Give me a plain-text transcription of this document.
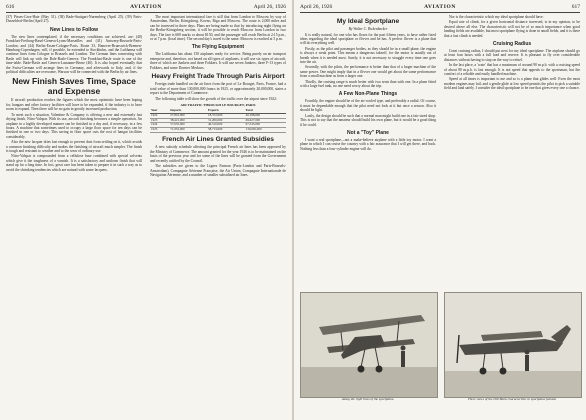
616	AVIATION	April 26, 1926

(37) Pisses-Gros-Haie (May 31). (38) Bade-Stuttgart-Nuremberg (April 25). (39) Paris-Dusseldorf-Berlin (April 27).

New Lines to Follow

The new lines contemplated, if the necessary conditions are achieved, are: (40) Frankfurt-Freiburg-Basel-Geneva-Lyons-Marseilles and (41) Antwerp-Brussels-Paris-London; and (44) Berlin-Essen-Cologne-Paris. Route 33, Hanover-Brunswick-Bremen-Hamburg-Copenhagen, will, if possible, be extended to Stockholm, and the Lufthansa will continue lines from Cologne to Brussels and London. The German lines connecting with Basle will link up with the Bale-Basle-Geneva. The Frankfurt-Basle route is one of the time-table. Bade-Basle and Geneva-Lausanne-Berne (40). It is also hoped eventually that the Swiss-German will arrange lines in Germany, and afterwards to Italy, and, if the political difficulties are overcome, Warsaw will be connected with the Berlin by air lines.

New Finish Saves Time, Space and Expense

If aircraft production reaches the figures which the most optimistic have been hoping for, hangars and other factory facilities will have to be expanded, if the industry is to have room to expand. Then there will be no gain in greatly increased production.

To meet such a situation, Valentine & Company is offering a new and extremely fast drying finish, Nitro-Valspar. With its use, aircraft finishing becomes a simple operation. An airplane in a highly developed manner can be finished in a day and, if necessary, in a few hours. A machine that sometimes used to occupy a large floor space for ten days can be finished in one or two days. This saving in floor space cuts the cost of hangar facilities considerably.

Also the new lacquer dries fast enough to prevent dust from settling on it, which avoids a common finishing difficulty and makes the finishing of aircraft much simpler. The finish is tough and resistant to weather and to the wear of ordinary use.

Nitro-Valspar is compounded from a cellulose base combined with special solvents which give it the toughness of a varnish. It is a satisfactory and uniform finish that will stand up for a long time. In fact, great care has been taken to prepare it in such a way as to avoid the shrinking tendencies which are natural with some lacquers.

The most important international fare is still that from London to Moscow by way of Amsterdam, Berlin, Königsberg, Kovno, Riga and Moscow. The route is 2,000 miles and can be traversed in three days. Plans are being made so that by introducing night flying on the Berlin-Königsberg section, it will be possible to reach Moscow from London in two days. The fare is 600 marks or about $150, and the passenger will reach Berlin at 2:15 p.m., or at 7 p.m. (local time). The second day's travel is the same. Moscow is reached at 5 p.m.

The Flying Equipment

The Lufthansa has about 150 airplanes ready for service. Being purely an air transport enterprise and, therefore, not based on all types of airplanes, it will use six types of aircraft, three of which are Junkers and three Fokkers. It will use seven Junkers, three F-13 types of Fokkers, and some Dornier Merkurs.

Heavy Freight Trade Through Paris Airport

Foreign trade handled on the air lines from the port of Le Bourget, Paris, France, had a total value of more than 130,000,000 francs in 1925, or approximately 20,000,000, states a report to the Department of Commerce.

The following table will show the growth of the traffic over the airport since 1922:

AIR TRAFFIC THROUGH LE BOURGET, PARIS
Year	Imports	Exports	Total
1922	27,816,000	18,372,000	46,188,000
1923	38,421,000	31,206,000	69,627,000
1924	57,035,000	40,510,000	97,545,000
1925	71,952,000	58,713,000	130,665,000
French Air Lines Granted Subsidies

A new subsidy schedule affecting the principal French air lines has been approved by the Ministry of Commerce. The amount granted for the year 1926 is to be maintained on the basis of the previous year and for some of the lines will be granted from the Government and recently ratified by the Council.

The subsidies are given to the Lignes Farman (Paris-London and Paris-Brussels-Amsterdam), Compagnie Aérienne Française, the Air Union, Compagnie Internationale de Navigation Aérienne, and a number of smaller subsidized air lines.

April 26, 1926	AVIATION	617
My Ideal Sportplane
By Walter C. Rickenbacker

It is really natural, for one who has flown for the past fifteen years, to have rather fixed ideas regarding the ideal sportplane or flivver and he has. A perfect flivver is a plane that will do everything well.

Firstly, as the pilot and passenger bodies, as they should be in a small plane, the engine is always a weak point. This means a dangerous takeoff, for the motor is usually out of breath when it is needed most. Surely, it is not necessary to struggle every time one goes into the air.

Secondly, with the pilots, the performance is better than that of a larger machine of the same power. One might imply that in a flivver one would get about the same performance from a small machine as from a larger one.

Thirdly, the cruising range is much better with two seats than with one. In a plane fitted with a large fuel tank, no one need worry about the trip.

A Few Non-Plane Things

Fourthly, the engine should be of the air-cooled type, and preferably a radial. Of course, it must be dependable enough that the pilot need not look at it but once a season. Also it should be light.

Lastly, the design should be such that a normal man might build one in a fair-sized shop. This is not to say that the amateur should build his own plane, but it would be a good thing if he could.

Not a "Toy" Plane

I want a real sportplane—not a make-believe airplane with a little toy motor. I want a plane in which I can cruise the country with a fair assurance that I will get there, and back. Nothing less than a four-cylinder engine will do.

Nor is the characteristic which my ideal sportplane should have.

Equal rate of climb, for a given horizontal distance traversed, is in my opinion, to be desired above all else. The characteristic will not be of so much importance when good landing fields are available, but most sportplane flying is done in small fields, and it is there that a fast climb is needed.

Cruising Radius

Great cruising radius, I should put next for my ideal sportplane. The airplane should go at least four hours with a full load and reserve. It is pleasant to fly over considerable distances without having to stop on the way to refuel.

In the last place, a 'crate' that has a maximum of around 90 m.p.h. with a cruising speed of about 80 m.p.h. is fast enough. It is not speed that appeals to the sportsman, but the comfort of a reliable and easily handled machine.

Speed at all times is important to me and so is a plane that glides well. Even the most modern engines may fail, and a gentle glide at low speed permits the pilot to pick a suitable field and land safely. I consider the ideal sportplane to be one that gives every one a chance.

Along the right lines of the sportplane.	Three views of the Dill Mark characteristic in sportplane fashion
